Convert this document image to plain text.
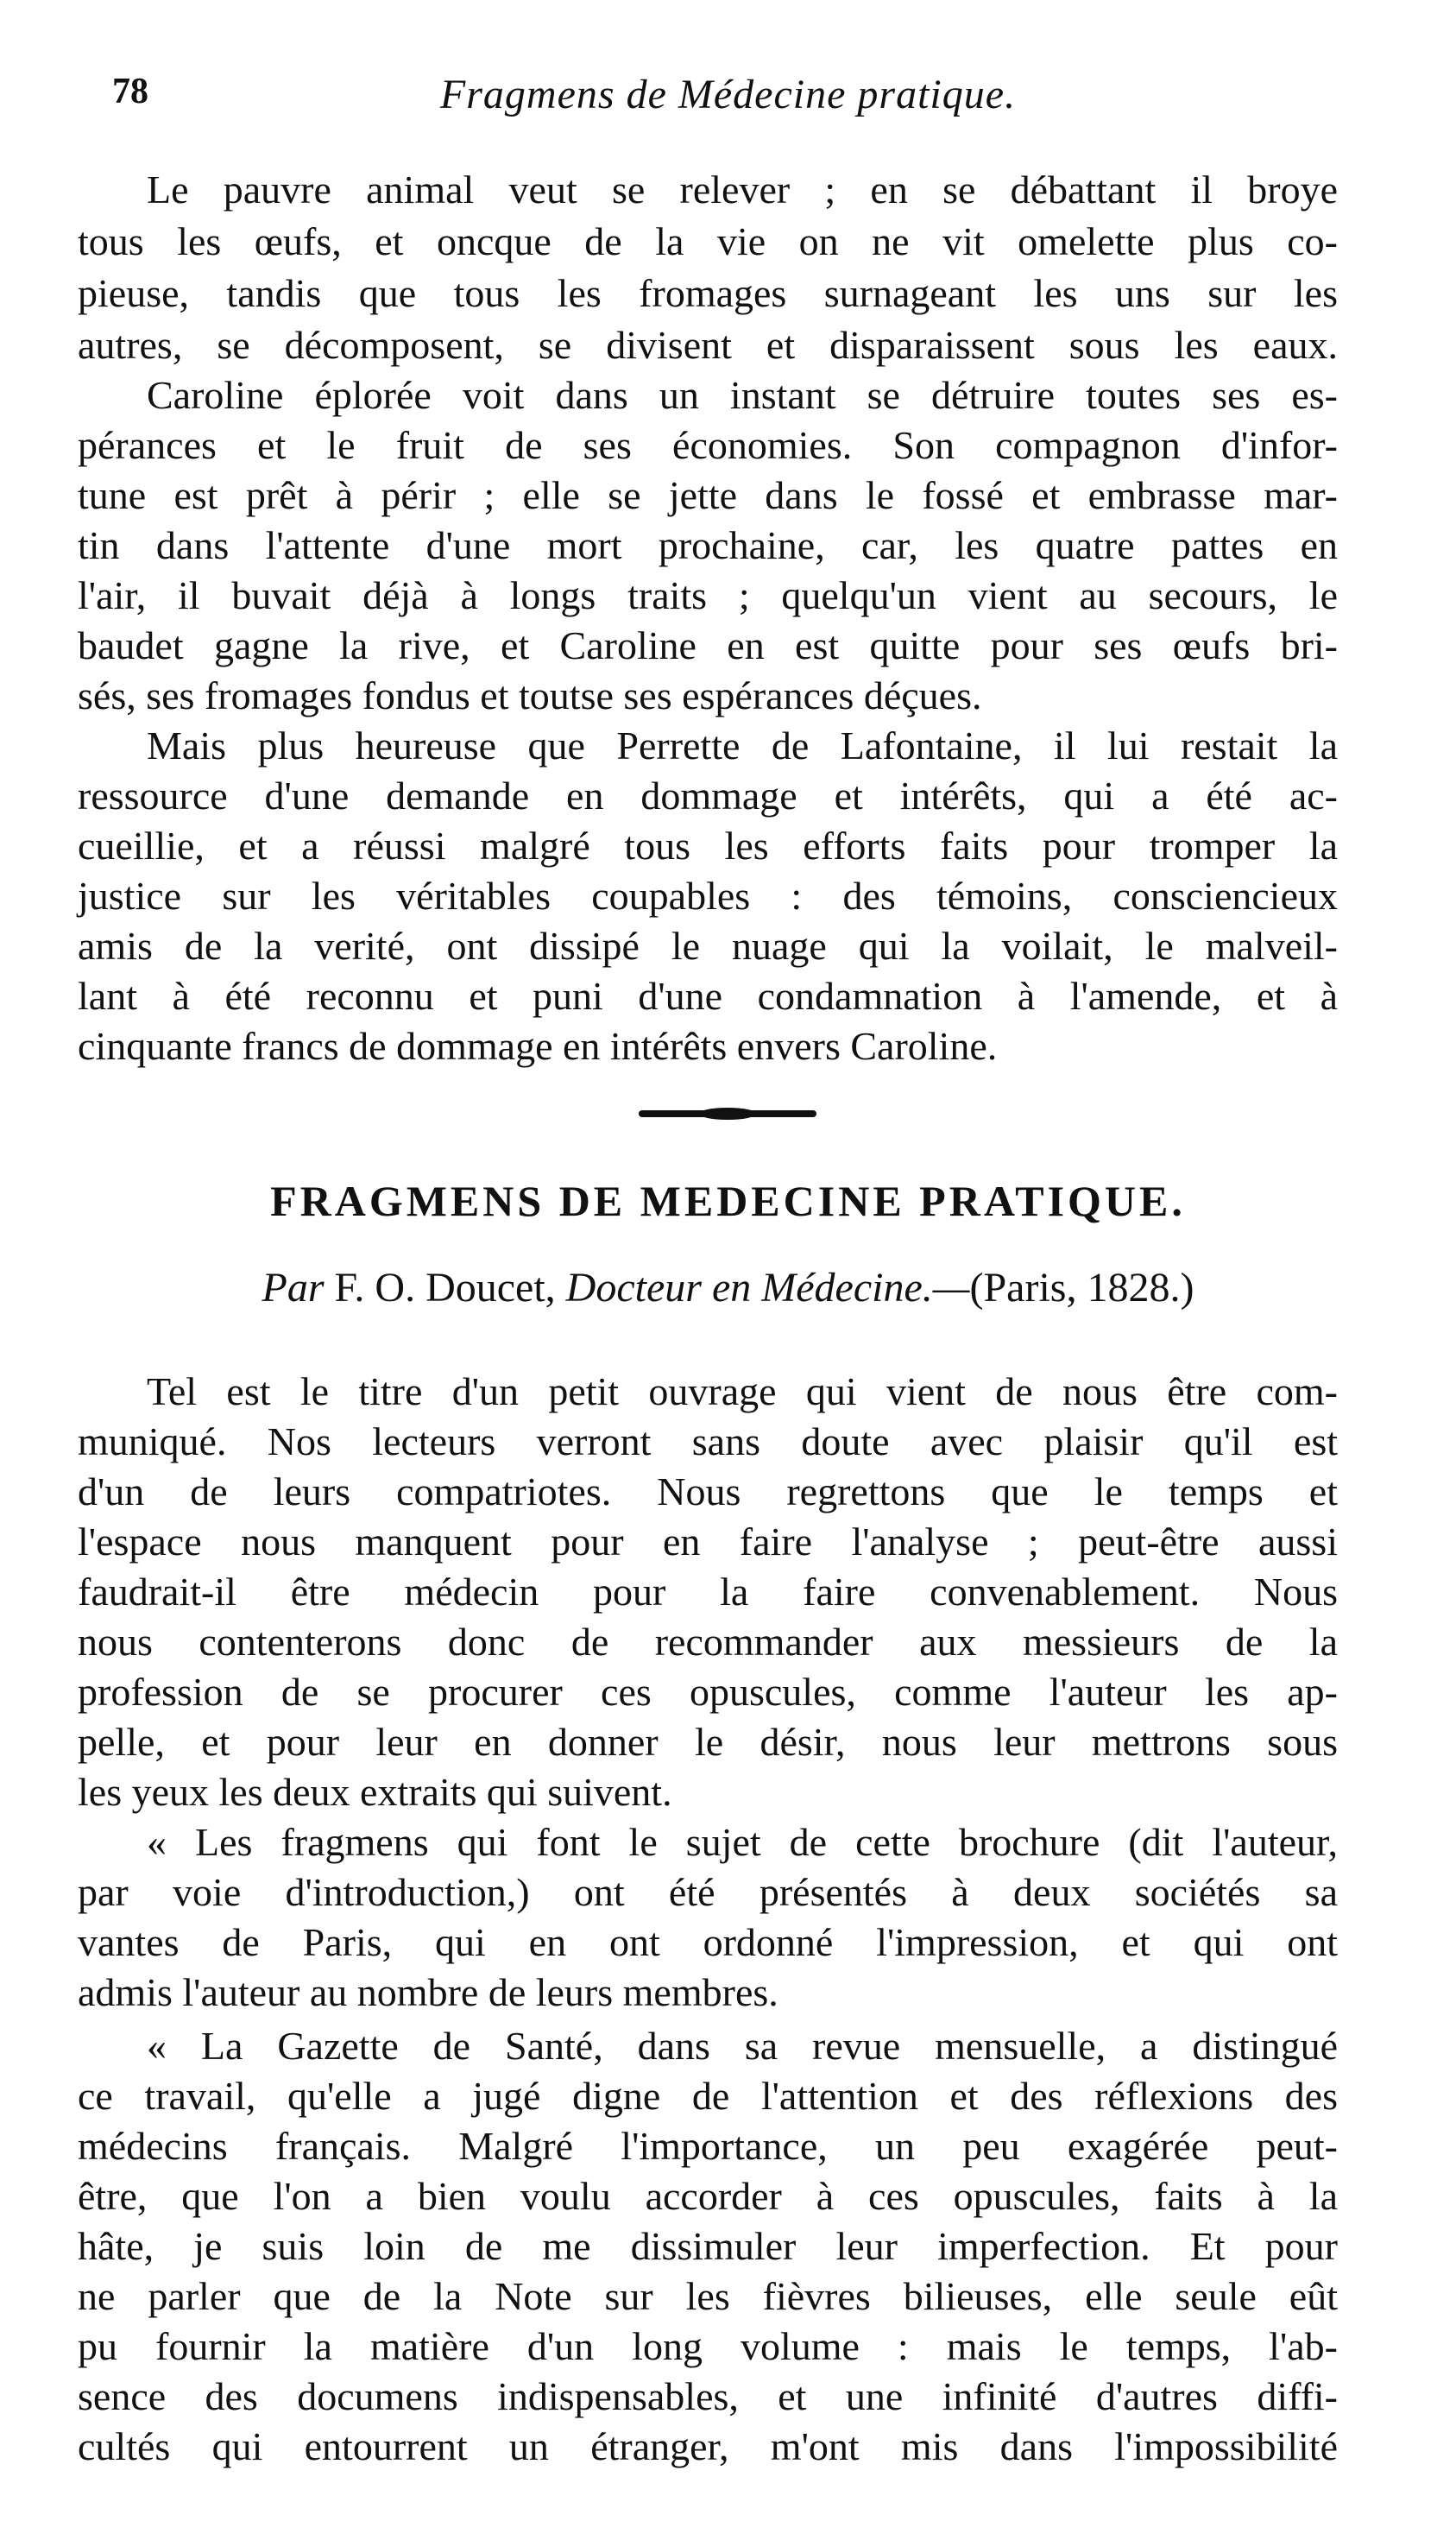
78	Fragmens de Médecine pratique.
Le pauvre animal veut se relever ; en se débattant il broye
tous les œufs, et oncque de la vie on ne vit omelette plus co-
pieuse, tandis que tous les fromages surnageant les uns sur les
autres, se décomposent, se divisent et disparaissent sous les eaux.
Caroline éplorée voit dans un instant se détruire toutes ses es-
pérances et le fruit de ses économies. Son compagnon d'infor-
tune est prêt à périr ; elle se jette dans le fossé et embrasse mar-
tin dans l'attente d'une mort prochaine, car, les quatre pattes en
l'air, il buvait déjà à longs traits ; quelqu'un vient au secours, le
baudet gagne la rive, et Caroline en est quitte pour ses œufs bri-
sés, ses fromages fondus et toutse ses espérances déçues.
Mais plus heureuse que Perrette de Lafontaine, il lui restait la
ressource d'une demande en dommage et intérêts, qui a été ac-
cueillie, et a réussi malgré tous les efforts faits pour tromper la
justice sur les véritables coupables : des témoins, consciencieux
amis de la verité, ont dissipé le nuage qui la voilait, le malveil-
lant à été reconnu et puni d'une condamnation à l'amende, et à
cinquante francs de dommage en intérêts envers Caroline.
FRAGMENS DE MEDECINE PRATIQUE.
Par F. O. Doucet, Docteur en Médecine.—(Paris, 1828.)
Tel est le titre d'un petit ouvrage qui vient de nous être com-
muniqué. Nos lecteurs verront sans doute avec plaisir qu'il est
d'un de leurs compatriotes. Nous regrettons que le temps et
l'espace nous manquent pour en faire l'analyse ; peut-être aussi
faudrait-il être médecin pour la faire convenablement. Nous
nous contenterons donc de recommander aux messieurs de la
profession de se procurer ces opuscules, comme l'auteur les ap-
pelle, et pour leur en donner le désir, nous leur mettrons sous
les yeux les deux extraits qui suivent.
« Les fragmens qui font le sujet de cette brochure (dit l'auteur,
par voie d'introduction,) ont été présentés à deux sociétés sa
vantes de Paris, qui en ont ordonné l'impression, et qui ont
admis l'auteur au nombre de leurs membres.
« La Gazette de Santé, dans sa revue mensuelle, a distingué
ce travail, qu'elle a jugé digne de l'attention et des réflexions des
médecins français. Malgré l'importance, un peu exagérée peut-
être, que l'on a bien voulu accorder à ces opuscules, faits à la
hâte, je suis loin de me dissimuler leur imperfection. Et pour
ne parler que de la Note sur les fièvres bilieuses, elle seule eût
pu fournir la matière d'un long volume : mais le temps, l'ab-
sence des documens indispensables, et une infinité d'autres diffi-
cultés qui entourrent un étranger, m'ont mis dans l'impossibilité
